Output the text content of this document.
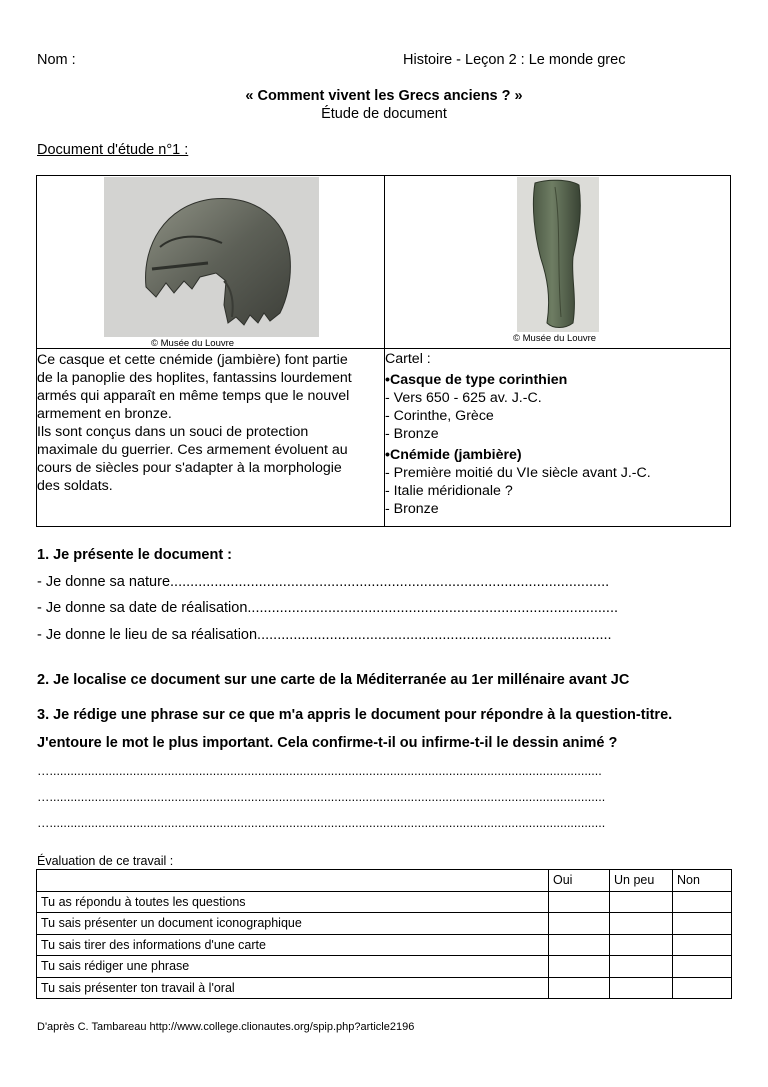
Nom :	Histoire - Leçon 2 : Le monde grec
« Comment vivent les Grecs anciens ? »
Étude de document
Document d'étude n°1 :
© Musée du Louvre	© Musée du Louvre
Ce casque et cette cnémide (jambière) font partie
de la panoplie des hoplites, fantassins lourdement
armés qui apparaît en même temps que le nouvel
armement en bronze.
Ils sont conçus dans un souci de protection
maximale du guerrier. Ces armement évoluent au
cours de siècles pour s'adapter à la morphologie
des soldats.
Cartel :
•Casque de type corinthien
- Vers 650 - 625 av. J.-C.
- Corinthe, Grèce
- Bronze
•Cnémide (jambière)
- Première moitié du VIe siècle avant J.-C.
- Italie méridionale ?
- Bronze
1. Je présente le document :
- Je donne sa nature.............................................................................................................
- Je donne sa date de réalisation............................................................................................
- Je donne le lieu de sa réalisation........................................................................................
2. Je localise ce document sur une carte de la Méditerranée au 1er millénaire avant JC
3. Je rédige une phrase sur ce que m'a appris le document pour répondre à la question-titre.
J'entoure le mot le plus important. Cela confirme-t-il ou infirme-t-il le dessin animé ?
…...............................................................................................................................................................
…................................................................................................................................................................
…................................................................................................................................................................
Évaluation de ce travail :
	Oui	Un peu	Non
Tu as répondu à toutes les questions			
Tu sais présenter un document iconographique			
Tu sais tirer des informations d'une carte			
Tu sais rédiger une phrase			
Tu sais présenter ton travail à l'oral			
D'après C. Tambareau http://www.college.clionautes.org/spip.php?article2196
